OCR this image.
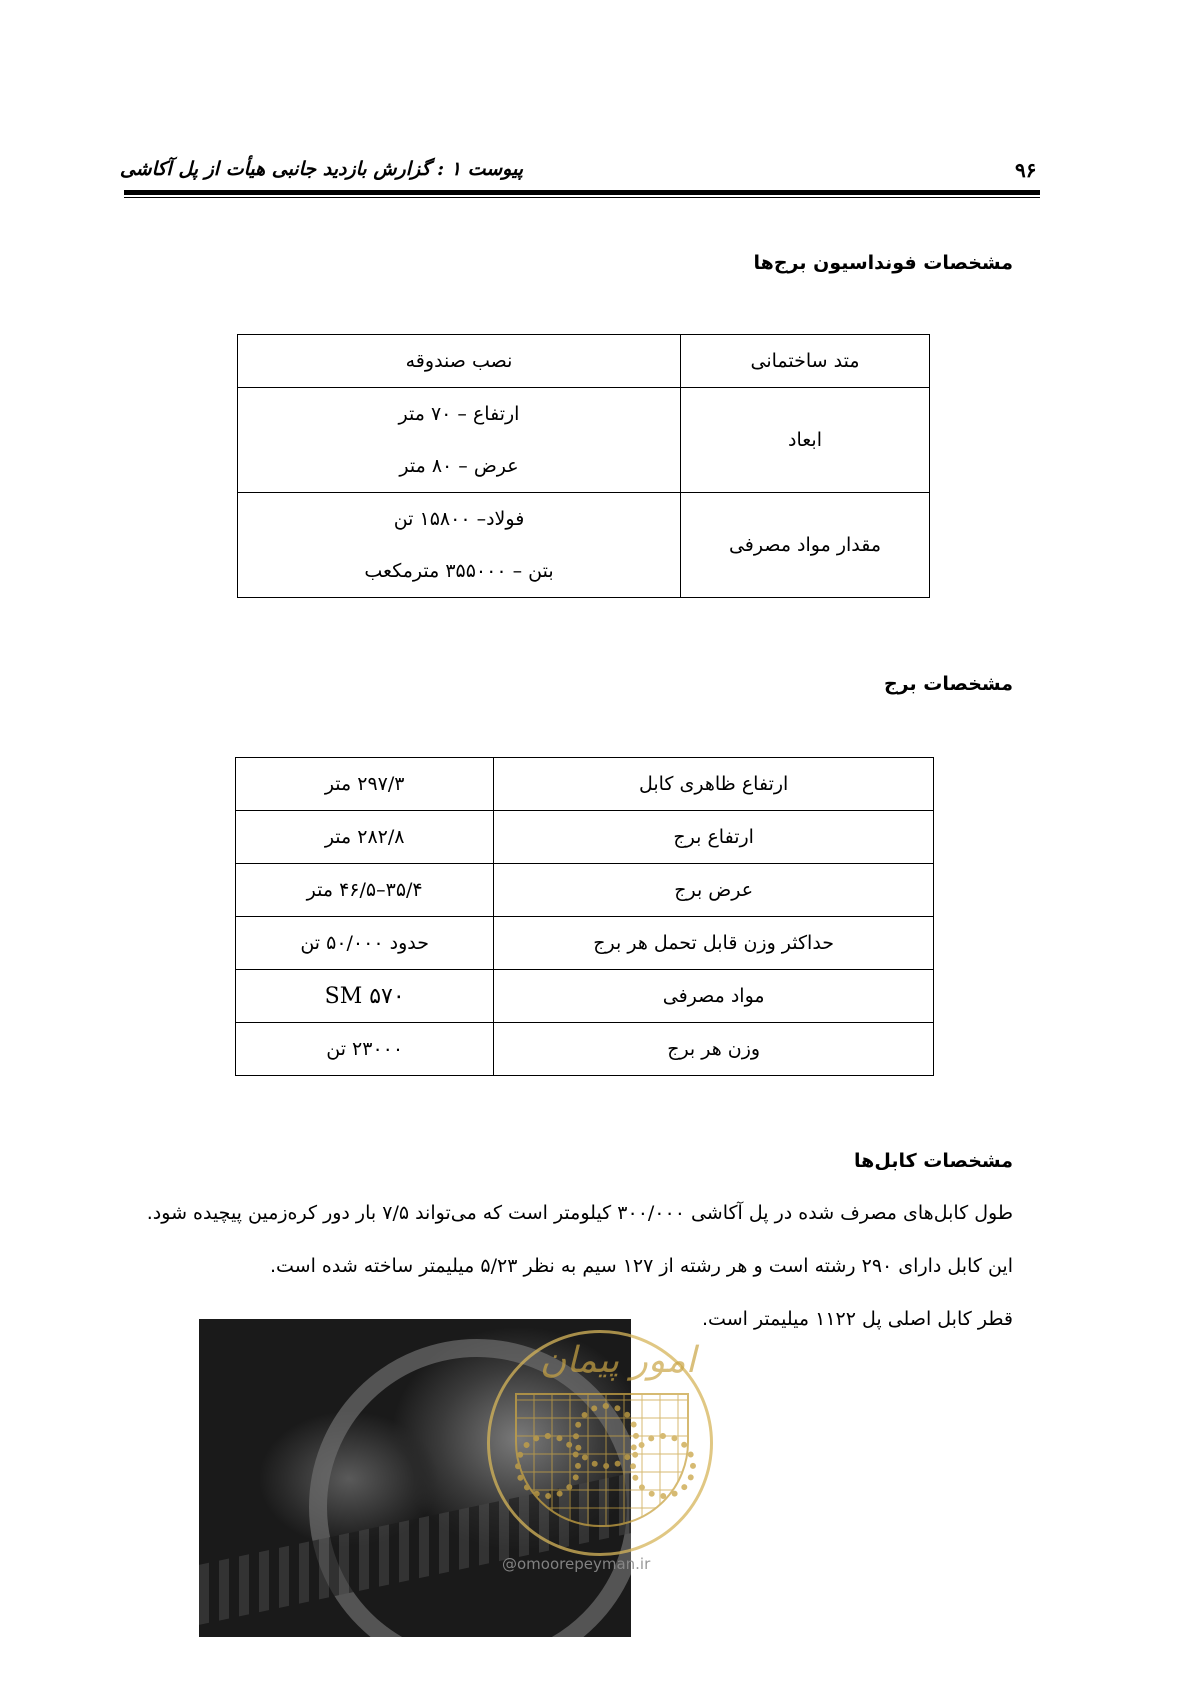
پیوست ۱ : گزارش بازدید جانبی هیأت از پل آکاشی	۹۶
مشخصات فونداسیون برج‌ها
متد ساختمانی	نصب صندوقه
ابعاد	ارتفاع – ۷۰ متر
عرض – ۸۰ متر

مقدار مواد مصرفی	فولاد– ۱۵۸۰۰ تن
بتن – ۳۵۵۰۰۰ مترمکعب
مشخصات برج
ارتفاع ظاهری کابل	۲۹۷/۳ متر
ارتفاع برج	۲۸۲/۸ متر
عرض برج	۳۵/۴–۴۶/۵ متر
حداکثر وزن قابل تحمل هر برج	حدود ۵۰/۰۰۰ تن
مواد مصرفی	SM ۵۷۰
وزن هر برج	۲۳۰۰۰ تن
مشخصات کابل‌ها
طول کابل‌های مصرف شده در پل آکاشی ۳۰۰/۰۰۰ کیلومتر است که می‌تواند ۷/۵ بار دور کره‌زمین پیچیده شود.
این کابل دارای ۲۹۰ رشته است و هر رشته از ۱۲۷ سیم به نظر ۵/۲۳ میلیمتر ساخته شده است.
قطر کابل اصلی پل ۱۱۲۲ میلیمتر است.
امور پیمان
@omoorepeyman.ir
